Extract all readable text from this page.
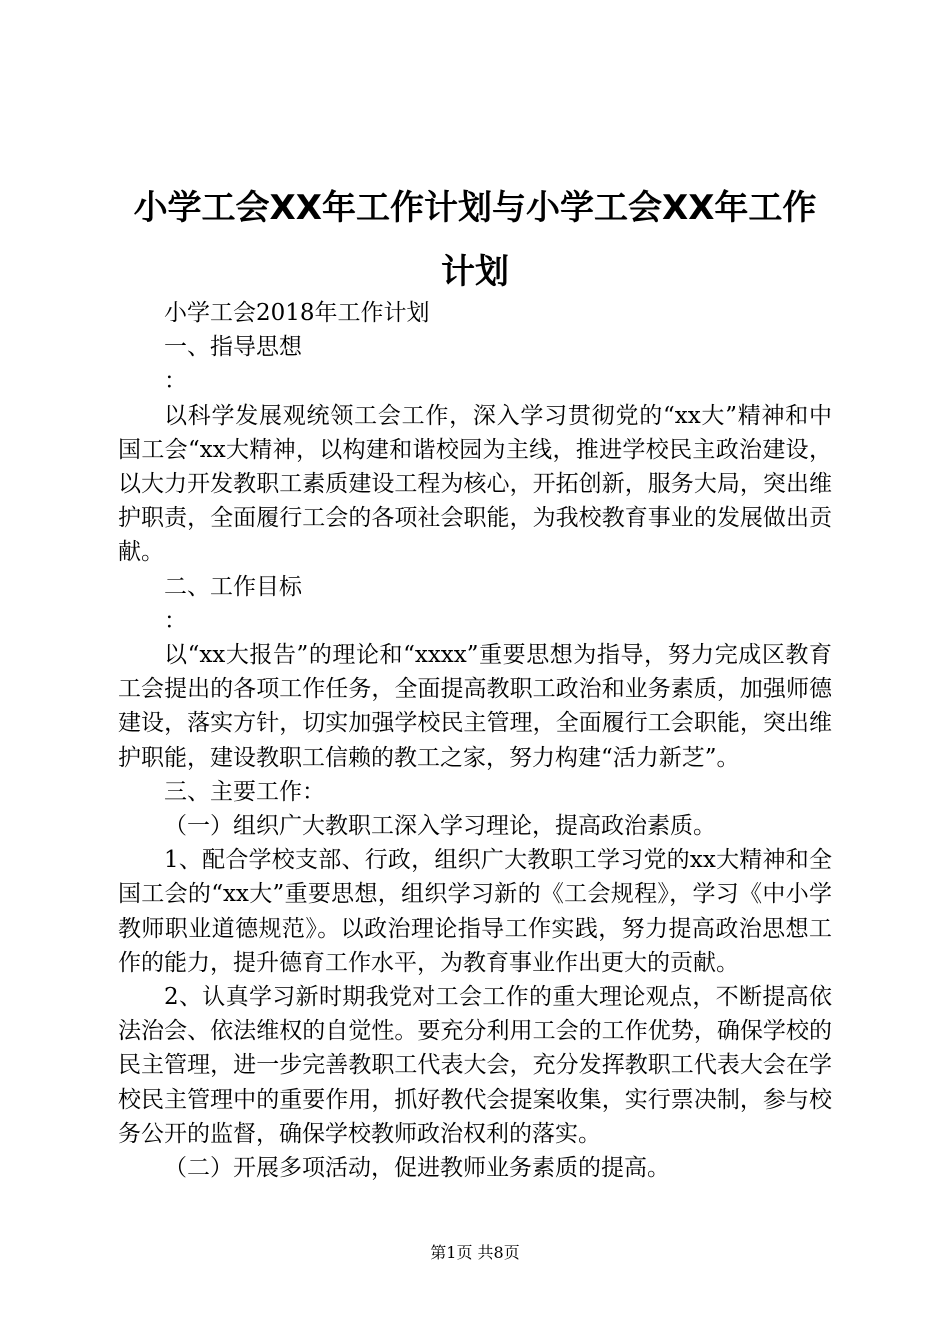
小学工会XX年工作计划与小学工会XX年工作计划

小学工会2018年工作计划

一、指导思想

：

以科学发展观统领工会工作，深入学习贯彻党的“xx大”精神和中国工会“xx大精神，以构建和谐校园为主线，推进学校民主政治建设，以大力开发教职工素质建设工程为核心，开拓创新，服务大局，突出维护职责，全面履行工会的各项社会职能，为我校教育事业的发展做出贡献。

二、工作目标

：

以“xx大报告”的理论和“xxxx”重要思想为指导，努力完成区教育工会提出的各项工作任务，全面提高教职工政治和业务素质，加强师德建设，落实方针，切实加强学校民主管理，全面履行工会职能，突出维护职能，建设教职工信赖的教工之家，努力构建“活力新芝”。

三、主要工作：

（一）组织广大教职工深入学习理论，提高政治素质。

1、配合学校支部、行政，组织广大教职工学习党的xx大精神和全国工会的“xx大”重要思想，组织学习新的《工会规程》，学习《中小学教师职业道德规范》。以政治理论指导工作实践，努力提高政治思想工作的能力，提升德育工作水平，为教育事业作出更大的贡献。

2、认真学习新时期我党对工会工作的重大理论观点，不断提高依法治会、依法维权的自觉性。要充分利用工会的工作优势，确保学校的民主管理，进一步完善教职工代表大会，充分发挥教职工代表大会在学校民主管理中的重要作用，抓好教代会提案收集，实行票决制，参与校务公开的监督，确保学校教师政治权利的落实。

（二）开展多项活动，促进教师业务素质的提高。

第1页 共8页
